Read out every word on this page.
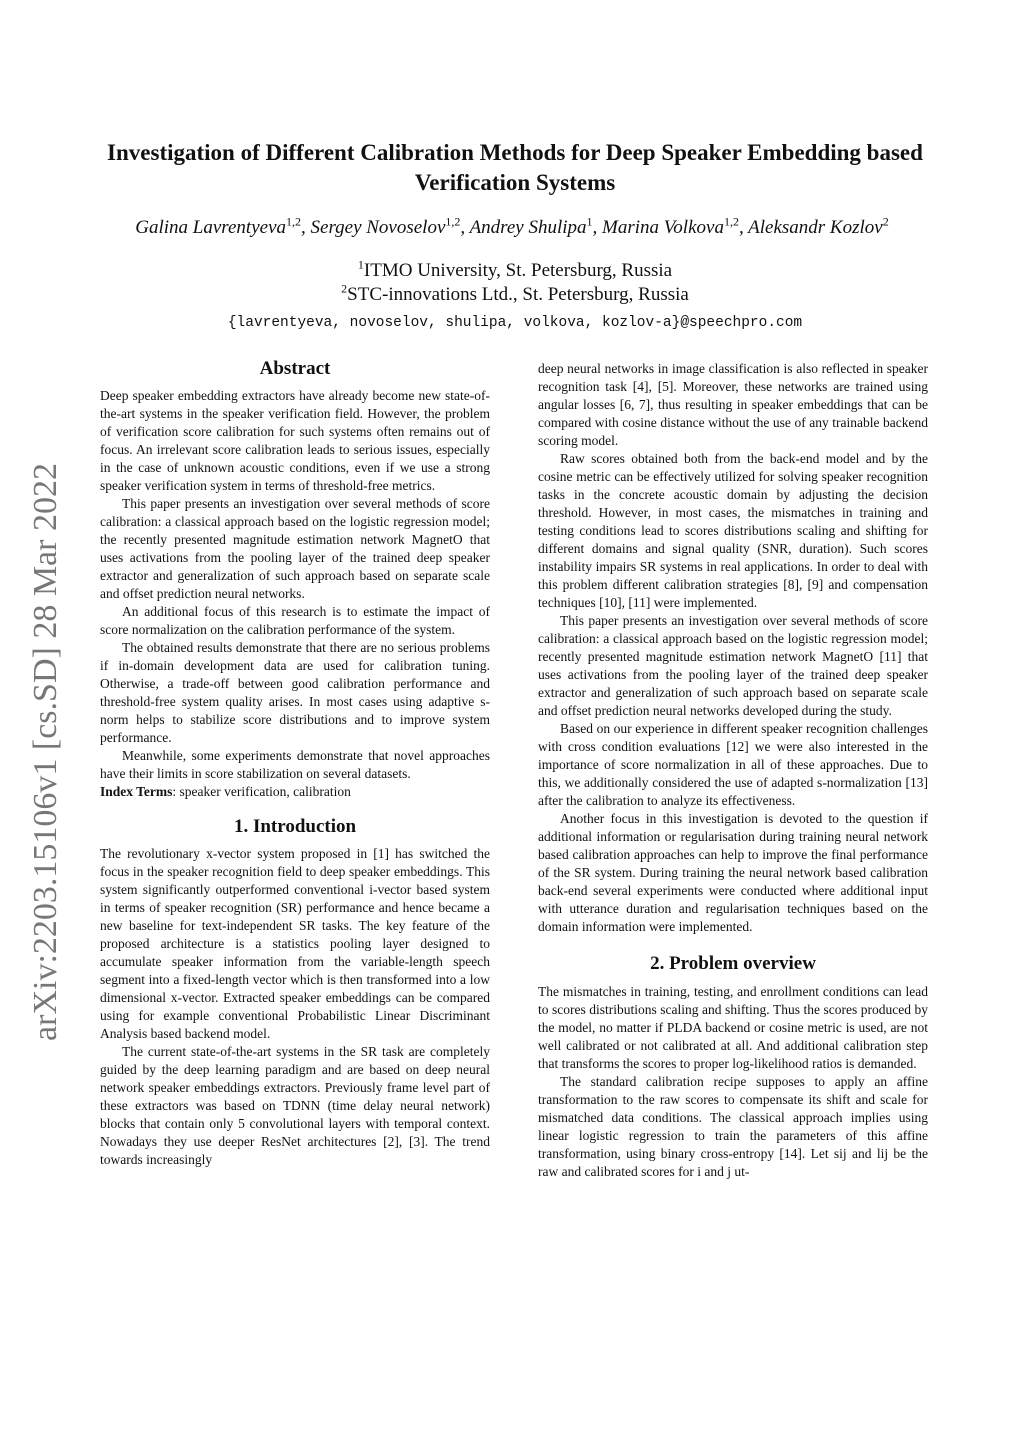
Investigation of Different Calibration Methods for Deep Speaker Embedding based Verification Systems
Galina Lavrentyeva$^{1,2}$, Sergey Novoselov$^{1,2}$, Andrey Shulipa$^1$, Marina Volkova$^{1,2}$, Aleksandr Kozlov$^2$
$^1$ITMO University, St. Petersburg, Russia
$^2$STC-innovations Ltd., St. Petersburg, Russia
{lavrentyeva, novoselov, shulipa, volkova, kozlov-a}@speechpro.com
arXiv:2203.15106v1 [cs.SD] 28 Mar 2022
Abstract

Deep speaker embedding extractors have already become new state-of-the-art systems in the speaker verification field. However, the problem of verification score calibration for such systems often remains out of focus. An irrelevant score calibration leads to serious issues, especially in the case of unknown acoustic conditions, even if we use a strong speaker verification system in terms of threshold-free metrics.

This paper presents an investigation over several methods of score calibration: a classical approach based on the logistic regression model; the recently presented magnitude estimation network MagnetO that uses activations from the pooling layer of the trained deep speaker extractor and generalization of such approach based on separate scale and offset prediction neural networks.

An additional focus of this research is to estimate the impact of score normalization on the calibration performance of the system.

The obtained results demonstrate that there are no serious problems if in-domain development data are used for calibration tuning. Otherwise, a trade-off between good calibration performance and threshold-free system quality arises. In most cases using adaptive s-norm helps to stabilize score distributions and to improve system performance.

Meanwhile, some experiments demonstrate that novel approaches have their limits in score stabilization on several datasets.

Index Terms: speaker verification, calibration
1. Introduction

The revolutionary x-vector system proposed in [1] has switched the focus in the speaker recognition field to deep speaker embeddings. This system significantly outperformed conventional i-vector based system in terms of speaker recognition (SR) performance and hence became a new baseline for text-independent SR tasks. The key feature of the proposed architecture is a statistics pooling layer designed to accumulate speaker information from the variable-length speech segment into a fixed-length vector which is then transformed into a low dimensional x-vector. Extracted speaker embeddings can be compared using for example conventional Probabilistic Linear Discriminant Analysis based backend model.

The current state-of-the-art systems in the SR task are completely guided by the deep learning paradigm and are based on deep neural network speaker embeddings extractors. Previously frame level part of these extractors was based on TDNN (time delay neural network) blocks that contain only 5 convolutional layers with temporal context. Nowadays they use deeper ResNet architectures [2], [3]. The trend towards increasingly

deep neural networks in image classification is also reflected in speaker recognition task [4], [5]. Moreover, these networks are trained using angular losses [6, 7], thus resulting in speaker embeddings that can be compared with cosine distance without the use of any trainable backend scoring model.

Raw scores obtained both from the back-end model and by the cosine metric can be effectively utilized for solving speaker recognition tasks in the concrete acoustic domain by adjusting the decision threshold. However, in most cases, the mismatches in training and testing conditions lead to scores distributions scaling and shifting for different domains and signal quality (SNR, duration). Such scores instability impairs SR systems in real applications. In order to deal with this problem different calibration strategies [8], [9] and compensation techniques [10], [11] were implemented.

This paper presents an investigation over several methods of score calibration: a classical approach based on the logistic regression model; recently presented magnitude estimation network MagnetO [11] that uses activations from the pooling layer of the trained deep speaker extractor and generalization of such approach based on separate scale and offset prediction neural networks developed during the study.

Based on our experience in different speaker recognition challenges with cross condition evaluations [12] we were also interested in the importance of score normalization in all of these approaches. Due to this, we additionally considered the use of adapted s-normalization [13] after the calibration to analyze its effectiveness.

Another focus in this investigation is devoted to the question if additional information or regularisation during training neural network based calibration approaches can help to improve the final performance of the SR system. During training the neural network based calibration back-end several experiments were conducted where additional input with utterance duration and regularisation techniques based on the domain information were implemented.

2. Problem overview

The mismatches in training, testing, and enrollment conditions can lead to scores distributions scaling and shifting. Thus the scores produced by the model, no matter if PLDA backend or cosine metric is used, are not well calibrated or not calibrated at all. And additional calibration step that transforms the scores to proper log-likelihood ratios is demanded.

The standard calibration recipe supposes to apply an affine transformation to the raw scores to compensate its shift and scale for mismatched data conditions. The classical approach implies using linear logistic regression to train the parameters of this affine transformation, using binary cross-entropy [14]. Let sij and lij be the raw and calibrated scores for i and j ut-
